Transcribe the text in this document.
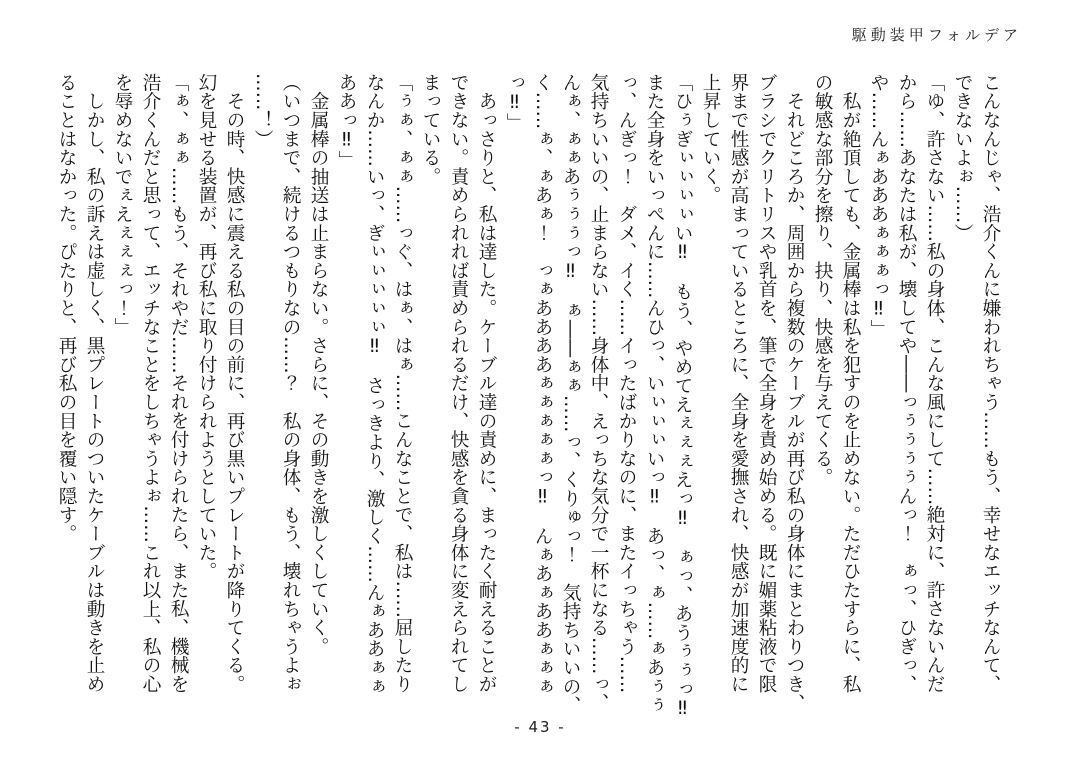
駆動装甲フォルデア
こんなんじゃ、浩介くんに嫌われちゃう……もう、幸せなエッチなんて、
できないよぉ……）
「ゆ、許さない……私の身体、こんな風にして……絶対に、許さないんだ
から……あなたは私が、壊してや――っぅぅぅぅんっ！　ぁっ、ひぎっ、
や……んぁあああぁぁぁっ‼」
　私が絶頂しても、金属棒は私を犯すのを止めない。ただひたすらに、私
の敏感な部分を擦り、抉り、快感を与えてくる。
　それどころか、周囲から複数のケーブルが再び私の身体にまとわりつき、
ブラシでクリトリスや乳首を、筆で全身を責め始める。既に媚薬粘液で限
界まで性感が高まっているところに、全身を愛撫され、快感が加速度的に
上昇していく。
「ひぅぎぃぃぃぃい‼　もう、やめてえぇぇぇえっ‼　ぁっ、あうぅぅっ‼
また全身をいっぺんに……んひっ、いぃぃぃいっ‼　あっ、ぁ……ぁあぅぅ
っ、んぎっ！　ダメ、イく……イったばかりなのに、またイっちゃう……
気持ちいいの、止まらない……身体中、えっちな気分で一杯になる……っ、
んぁ、ぁぁあぅぅぅっ‼　ぁ――ぁぁ……っ、くりゅっ！　気持ちいいの、
く……ぁ、ぁあぁ！　っぁああああぁぁぁぁぁっ‼　んぁあぁああぁぁぁ
っ‼」
　あっさりと、私は達した。ケーブル達の責めに、まったく耐えることが
できない。責められれば責められるだけ、快感を貪る身体に変えられてし
まっている。
「ぅぁ、ぁぁ……っぐ、はぁ、はぁ……こんなことで、私は……屈したり
なんか……いっ、ぎぃぃぃぃぃ‼　さっきより、激しく……んぁああぁぁ
ああっ‼」
　金属棒の抽送は止まらない。さらに、その動きを激しくしていく。
（いつまで、続けるつもりなの……？　私の身体、もう、壊れちゃうよぉ
……！）
　その時、快感に震える私の目の前に、再び黒いプレートが降りてくる。
幻を見せる装置が、再び私に取り付けられようとしていた。
「ぁ、ぁぁ……もう、それやだ……それを付けられたら、また私、機械を
浩介くんだと思って、エッチなことをしちゃうよぉ……これ以上、私の心
を辱めないでぇえぇぇぇっ！」
　しかし、私の訴えは虚しく、黒プレートのついたケーブルは動きを止め
ることはなかった。ぴたりと、再び私の目を覆い隠す。
- 43 -
